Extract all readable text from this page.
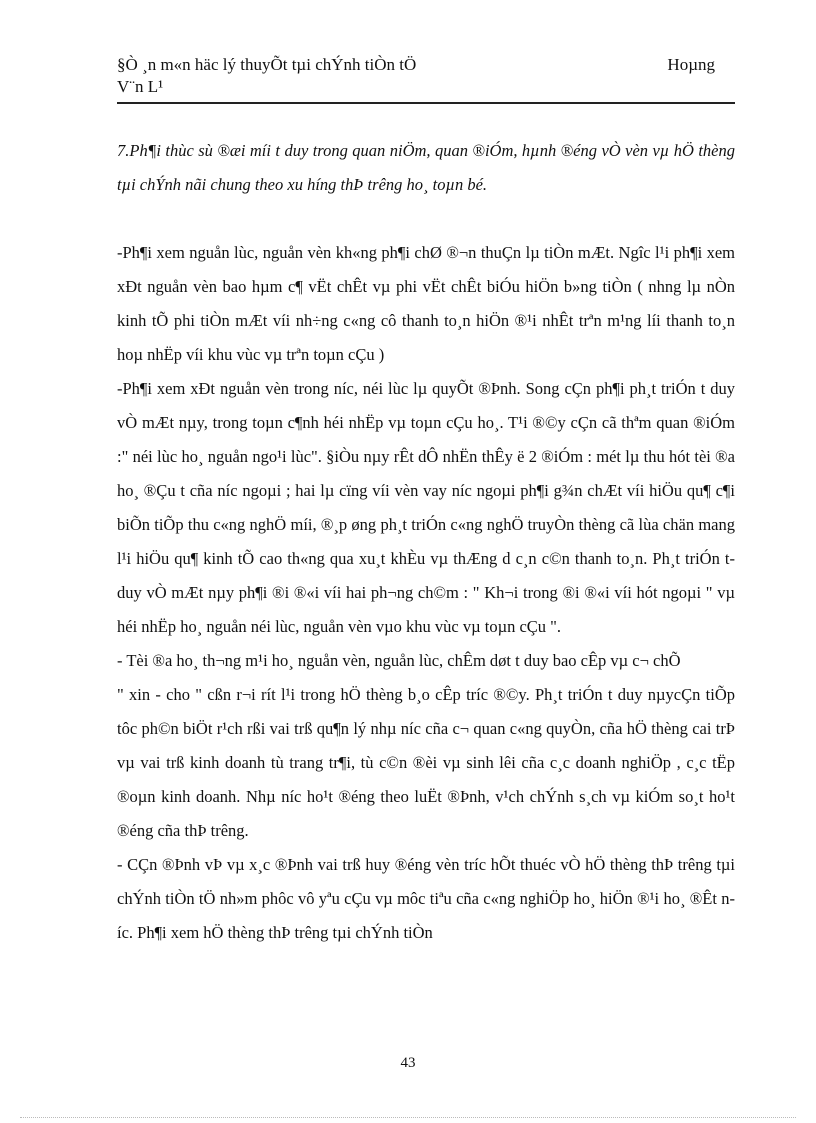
§Ò ¸n m«n häc lý thuyÕt tµi chÝnh tiÒn tÖ
V¨n L¹
Hoµng

7.Ph¶i thùc sù ®æi míi t duy trong quan niÖm, quan ®iÓm, hµnh ®éng vÒ vèn vµ hÖ thèng tµi chÝnh nãi chung theo xu híng thÞ trêng ho¸ toµn bé.

-Ph¶i xem nguån lùc, nguån vèn kh«ng ph¶i chØ ®¬n thuÇn lµ tiÒn mÆt. Ngîc l¹i ph¶i xem xÐt nguån vèn bao hµm c¶ vËt chÊt vµ phi vËt chÊt biÓu hiÖn b»ng tiÒn ( nhng lµ nÒn kinh tÕ phi tiÒn mÆt víi nh÷ng c«ng cô thanh to¸n hiÖn ®¹i nhÊt trªn m¹ng líi thanh to¸n hoµ nhËp víi khu vùc vµ trªn toµn cÇu )

-Ph¶i xem xÐt nguån vèn trong níc, néi lùc lµ quyÕt ®Þnh. Song cÇn ph¶i ph¸t triÓn t duy vÒ mÆt nµy, trong toµn c¶nh héi nhËp vµ toµn cÇu ho¸. T¹i ®©y cÇn cã thªm quan ®iÓm :" néi lùc ho¸ nguån ngo¹i lùc". §iÒu nµy rÊt dÔ nhËn thÊy ë 2 ®iÓm : mét lµ thu hót tèi ®a ho¸ ®Çu t cña níc ngoµi ; hai lµ cïng víi vèn vay níc ngoµi ph¶i g¾n chÆt víi hiÖu qu¶ c¶i biÕn tiÕp thu c«ng nghÖ míi, ®¸p øng ph¸t triÓn c«ng nghÖ truyÒn thèng cã lùa chän mang l¹i hiÖu qu¶ kinh tÕ cao th«ng qua xu¸t khÈu vµ thÆng d c¸n c©n thanh to¸n. Ph¸t triÓn t duy vÒ mÆt nµy ph¶i ®i ®«i víi hai ph¬ng ch©m : " Kh¬i trong ®i ®«i víi hót ngoµi " vµ héi nhËp ho¸ nguån néi lùc, nguån vèn vµo khu vùc vµ toµn cÇu ".

- Tèi ®a ho¸ th¬ng m¹i ho¸ nguån vèn, nguån lùc, chÊm døt t duy bao cÊp vµ c¬ chÕ

" xin - cho " cßn r¬i rít l¹i trong hÖ thèng b¸o cÊp tríc ®©y. Ph¸t triÓn t duy nµycÇn tiÕp tôc ph©n biÖt r¹ch rßi vai trß qu¶n lý nhµ níc cña c¬ quan c«ng quyÒn, cña hÖ thèng cai trÞ vµ vai trß kinh doanh tù trang tr¶i, tù c©n ®èi vµ sinh lêi cña c¸c doanh nghiÖp , c¸c tËp ®oµn kinh doanh. Nhµ níc ho¹t ®éng theo luËt ®Þnh, v¹ch chÝnh s¸ch vµ kiÓm so¸t ho¹t ®éng cña thÞ trêng.

- CÇn ®Þnh vÞ vµ x¸c ®Þnh vai trß huy ®éng vèn tríc hÕt thuéc vÒ hÖ thèng thÞ trêng tµi chÝnh tiÒn tÖ nh»m phôc vô yªu cÇu vµ môc tiªu cña c«ng nghiÖp ho¸ hiÖn ®¹i ho¸ ®Êt níc. Ph¶i xem hÖ thèng thÞ trêng tµi chÝnh tiÒn

43
